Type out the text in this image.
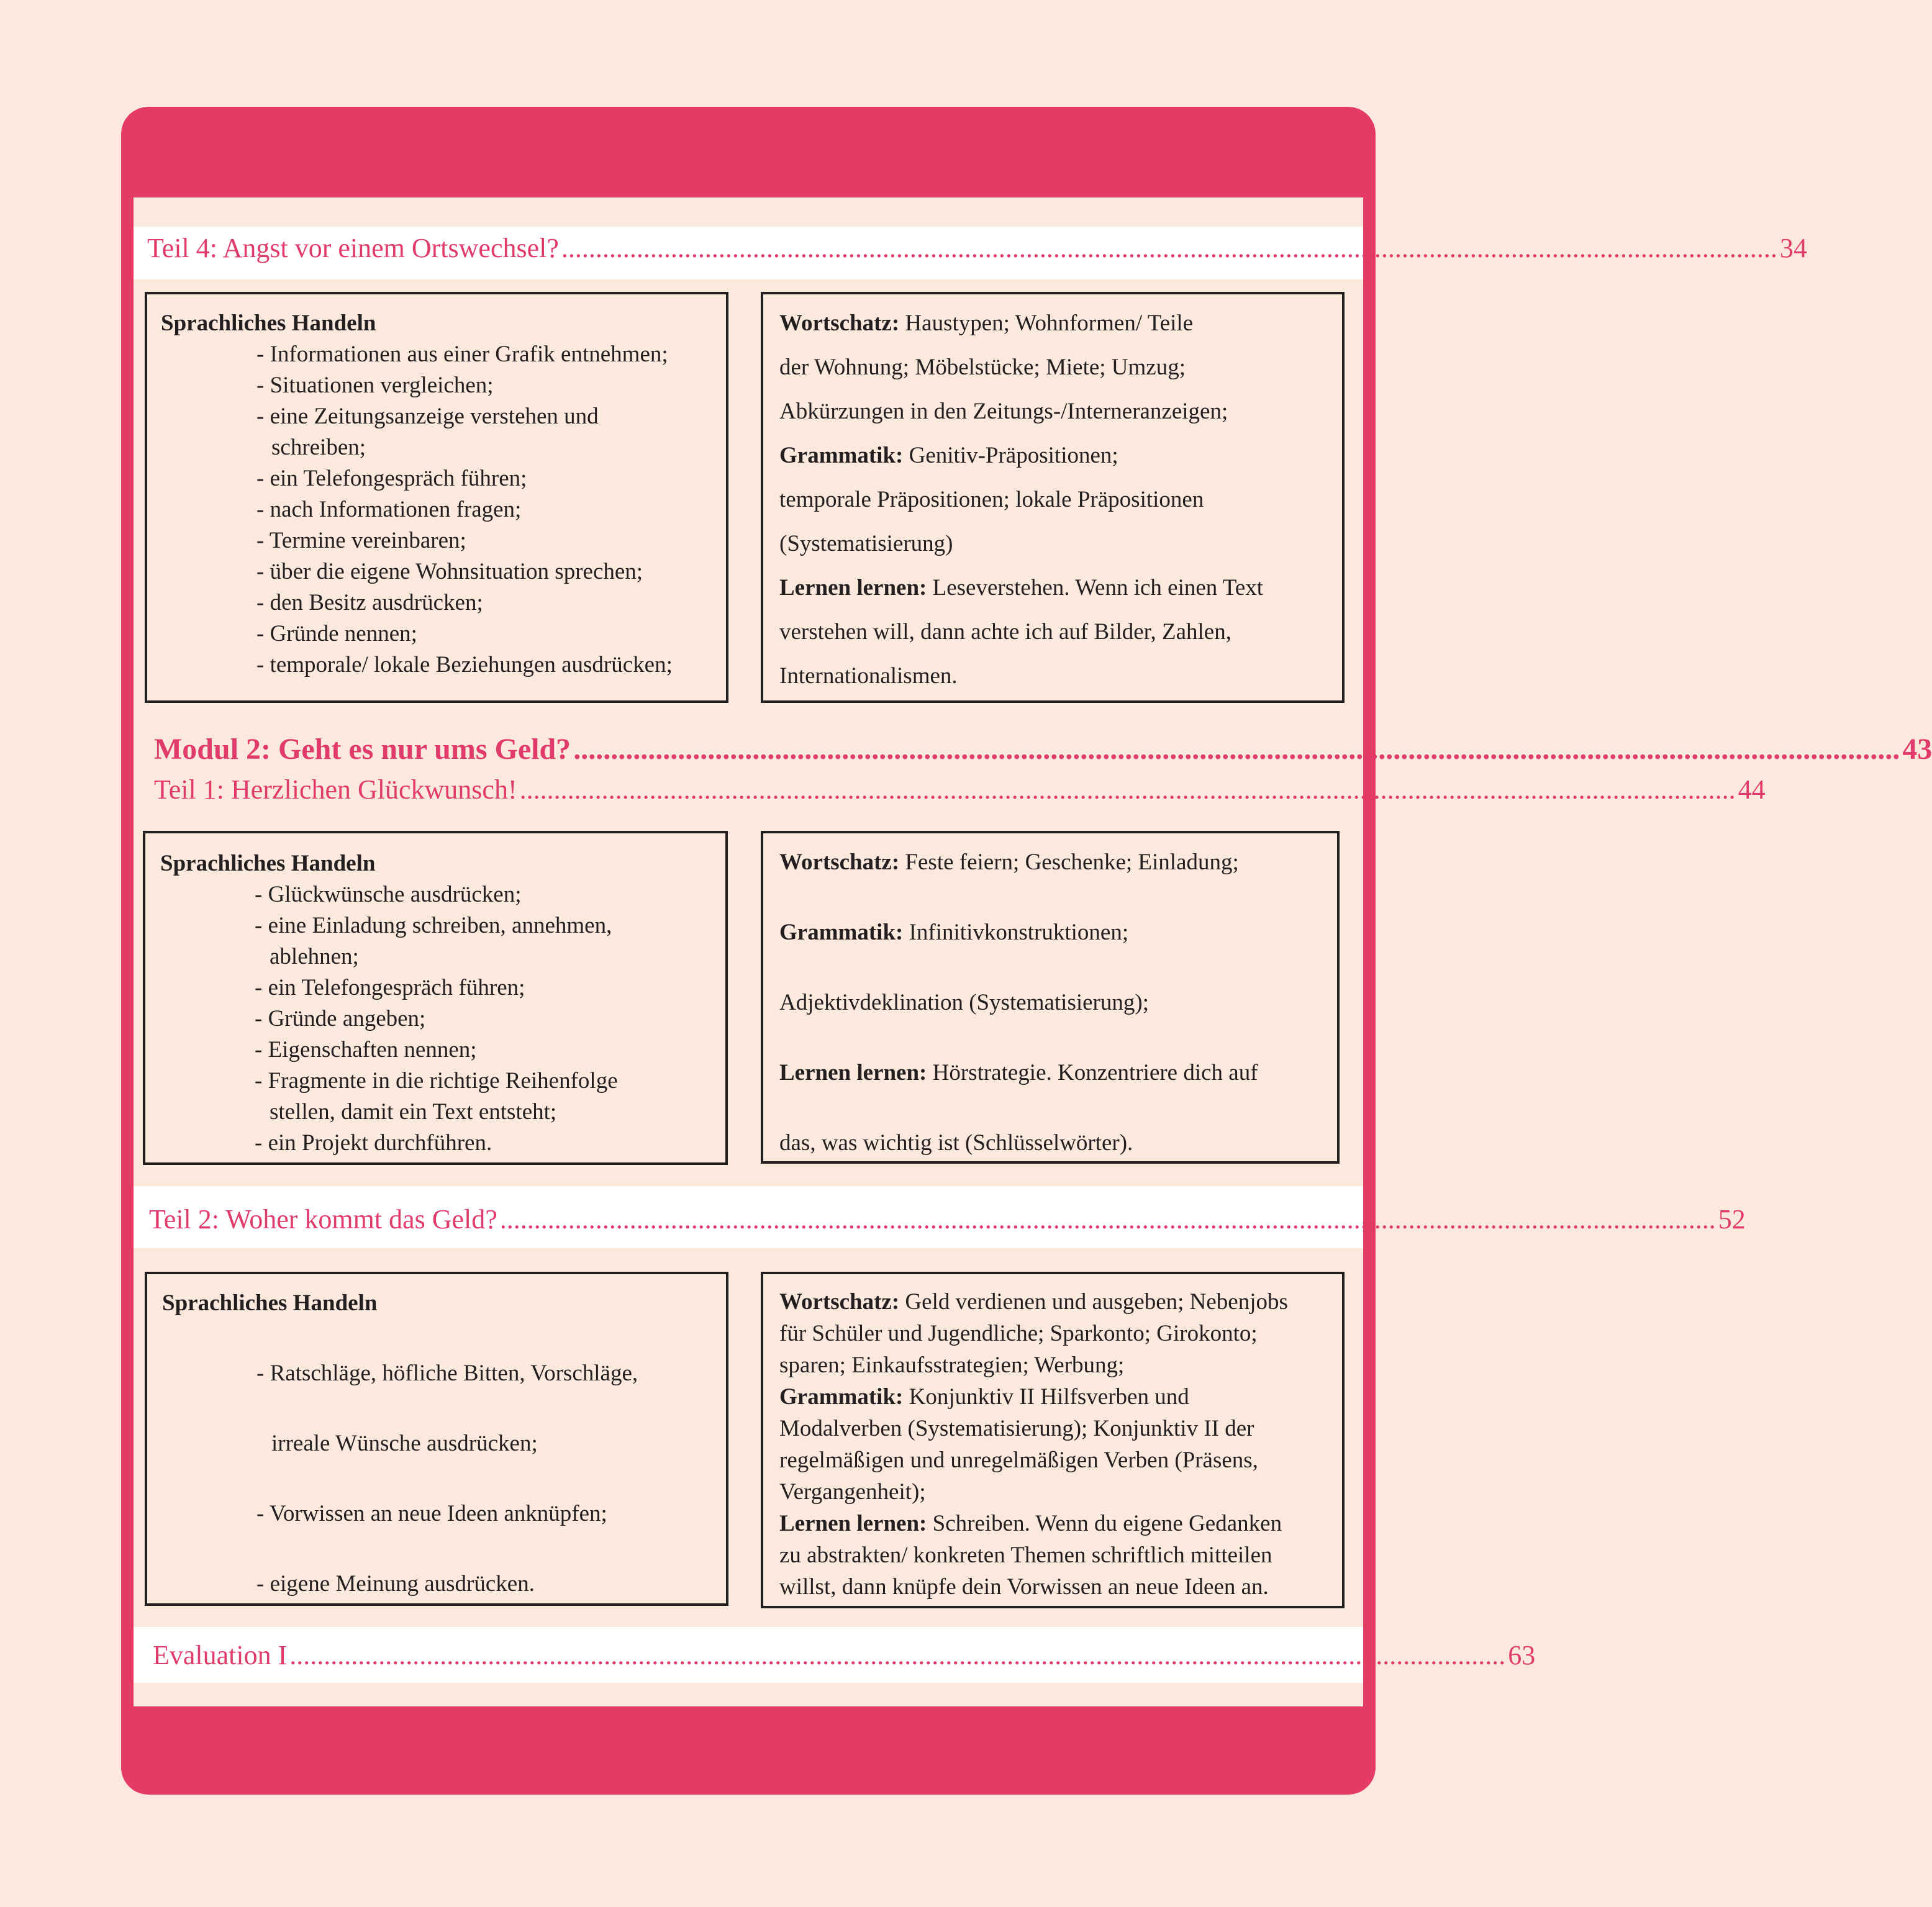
Teil 4: Angst vor einem Ortswechsel? .................................................................................................................................................................................. 34
Sprachliches Handeln
- Informationen aus einer Grafik entnehmen;
- Situationen vergleichen;
- eine Zeitungsanzeige verstehen und
schreiben;
- ein Telefongespräch führen;
- nach Informationen fragen;
- Termine vereinbaren;
- über die eigene Wohnsituation sprechen;
- den Besitz ausdrücken;
- Gründe nennen;
- temporale/ lokale Beziehungen ausdrücken;
Wortschatz: Haustypen; Wohnformen/ Teile
der Wohnung; Möbelstücke; Miete; Umzug;
Abkürzungen in den Zeitungs-/Interneranzeigen;
Grammatik: Genitiv-Präpositionen;
temporale Präpositionen; lokale Präpositionen
(Systematisierung)
Lernen lernen: Leseverstehen. Wenn ich einen Text
verstehen will, dann achte ich auf Bilder, Zahlen,
Internationalismen.
Modul 2: Geht es nur ums Geld? .................................................................................................................................................................................. 43
Teil 1: Herzlichen Glückwunsch! .................................................................................................................................................................................. 44
Sprachliches Handeln
- Glückwünsche ausdrücken;
- eine Einladung schreiben, annehmen,
ablehnen;
- ein Telefongespräch führen;
- Gründe angeben;
- Eigenschaften nennen;
- Fragmente in die richtige Reihenfolge
stellen, damit ein Text entsteht;
- ein Projekt durchführen.
Wortschatz: Feste feiern; Geschenke; Einladung;
Grammatik: Infinitivkonstruktionen;
Adjektivdeklination (Systematisierung);
Lernen lernen: Hörstrategie. Konzentriere dich auf
das, was wichtig ist (Schlüsselwörter).
Teil 2: Woher kommt das Geld? .................................................................................................................................................................................. 52
Sprachliches Handeln
- Ratschläge, höfliche Bitten, Vorschläge,
irreale Wünsche ausdrücken;
- Vorwissen an neue Ideen anknüpfen;
- eigene Meinung ausdrücken.
Wortschatz: Geld verdienen und ausgeben; Nebenjobs
für Schüler und Jugendliche; Sparkonto; Girokonto;
sparen; Einkaufsstrategien; Werbung;
Grammatik: Konjunktiv II Hilfsverben und
Modalverben (Systematisierung); Konjunktiv II der
regelmäßigen und unregelmäßigen Verben (Präsens,
Vergangenheit);
Lernen lernen: Schreiben. Wenn du eigene Gedanken
zu abstrakten/ konkreten Themen schriftlich mitteilen
willst, dann knüpfe dein Vorwissen an neue Ideen an.
Evaluation I .................................................................................................................................................................................. 63
